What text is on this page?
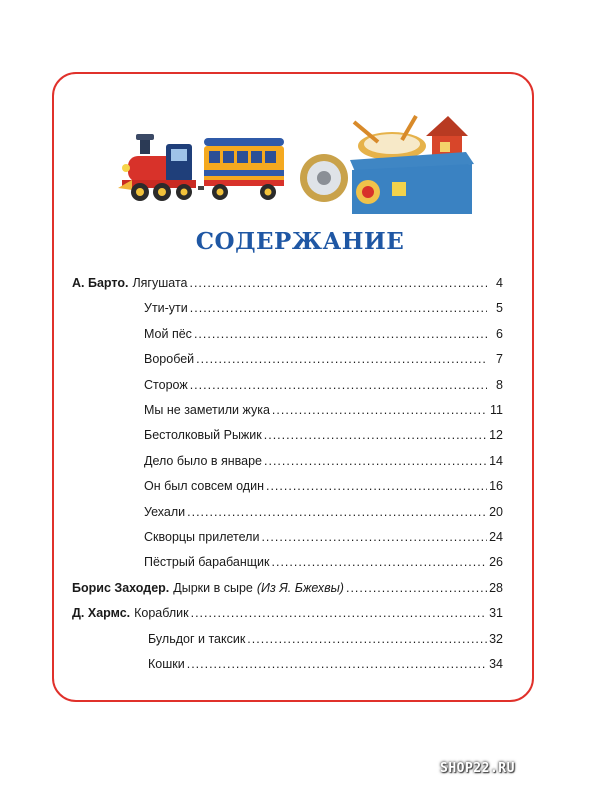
СОДЕРЖАНИЕ
А. Барто. Лягушата .....	4
Ути-ути .....	5
Мой пёс .....	6
Воробей .....	7
Сторож .....	8
Мы не заметили жука .....	11
Бестолковый Рыжик .....	12
Дело было в январе .....	14
Он был совсем один .....	16
Уехали .....	20
Скворцы прилетели .....	24
Пёстрый барабанщик .....	26
Борис Заходер. Дырки в сыре (Из Я. Бжехвы) .....	28
Д. Хармс. Кораблик .....	31
Бульдог и таксик .....	32
Кошки .....	34
SHOP22.RU
